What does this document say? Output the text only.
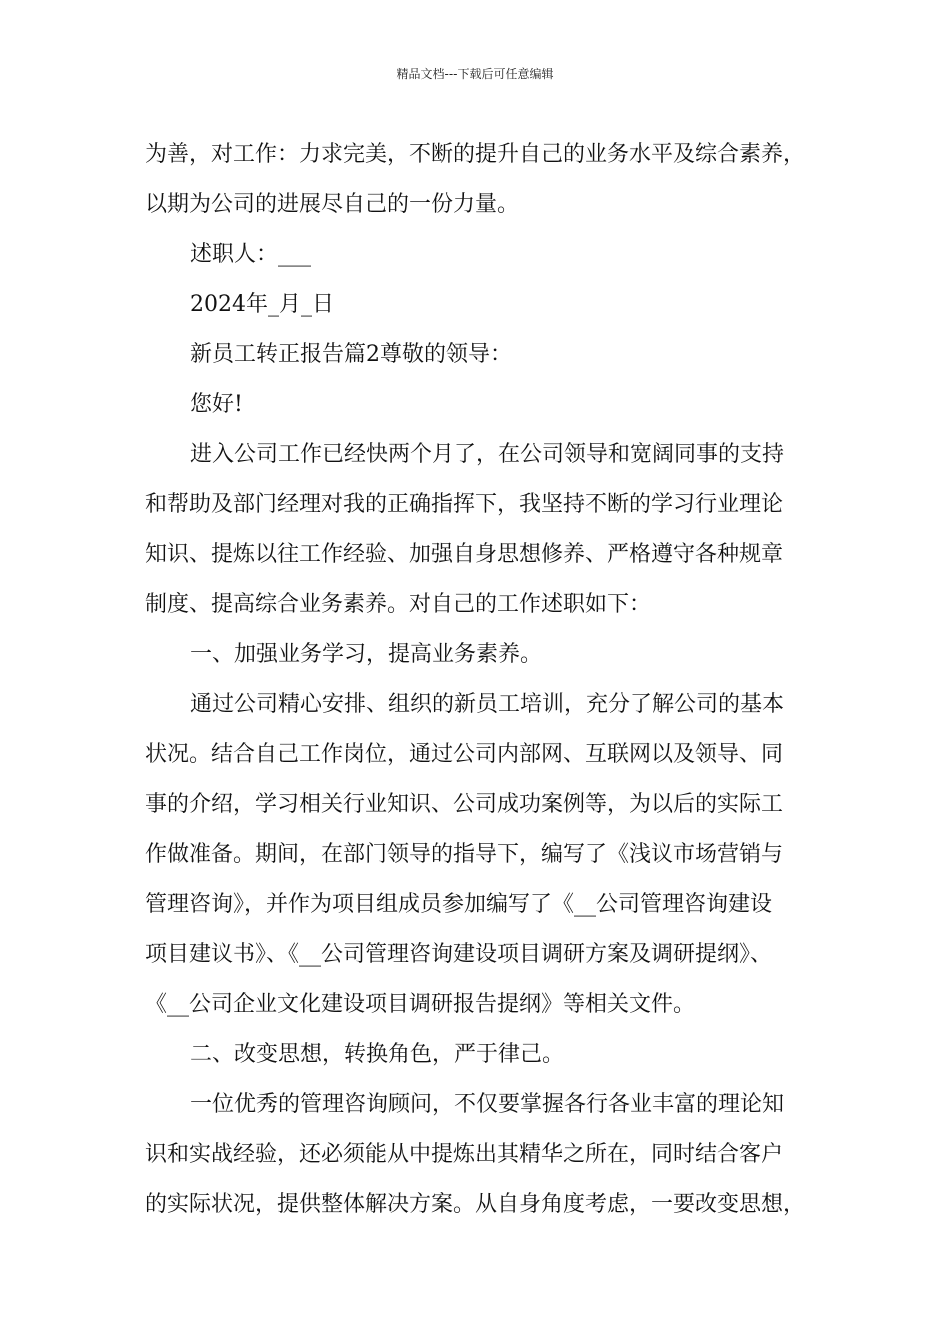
精品文档---下载后可任意编辑

为善，对工作：力求完美，不断的提升自己的业务水平及综合素养，
以期为公司的进展尽自己的一份力量。

述职人：___

2024年_月_日

新员工转正报告篇2尊敬的领导：

您好!

进入公司工作已经快两个月了，在公司领导和宽阔同事的支持
和帮助及部门经理对我的正确指挥下，我坚持不断的学习行业理论
知识、提炼以往工作经验、加强自身思想修养、严格遵守各种规章
制度、提高综合业务素养。对自己的工作述职如下：

一、加强业务学习，提高业务素养。

通过公司精心安排、组织的新员工培训，充分了解公司的基本
状况。结合自己工作岗位，通过公司内部网、互联网以及领导、同
事的介绍，学习相关行业知识、公司成功案例等，为以后的实际工
作做准备。期间，在部门领导的指导下，编写了《浅议市场营销与
管理咨询》，并作为项目组成员参加编写了《__公司管理咨询建设
项目建议书》、《__公司管理咨询建设项目调研方案及调研提纲》、
《__公司企业文化建设项目调研报告提纲》等相关文件。

二、改变思想，转换角色，严于律己。

一位优秀的管理咨询顾问，不仅要掌握各行各业丰富的理论知
识和实战经验，还必须能从中提炼出其精华之所在，同时结合客户
的实际状况，提供整体解决方案。从自身角度考虑，一要改变思想，
